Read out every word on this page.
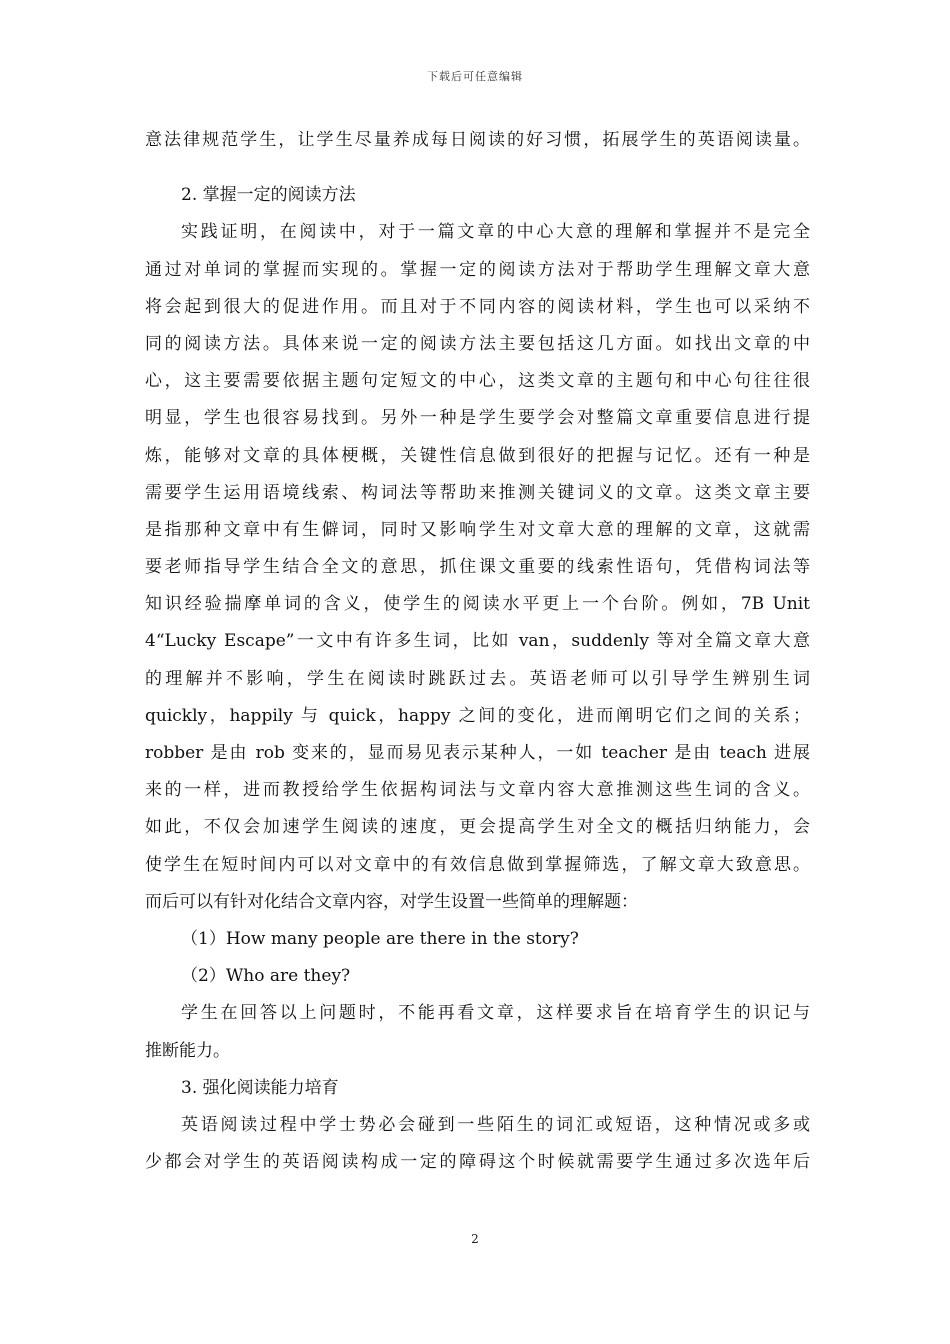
下载后可任意编辑
意法律规范学生，让学生尽量养成每日阅读的好习惯，拓展学生的英语阅读量。
2. 掌握一定的阅读方法
实践证明，在阅读中，对于一篇文章的中心大意的理解和掌握并不是完全
通过对单词的掌握而实现的。掌握一定的阅读方法对于帮助学生理解文章大意
将会起到很大的促进作用。而且对于不同内容的阅读材料，学生也可以采纳不
同的阅读方法。具体来说一定的阅读方法主要包括这几方面。如找出文章的中
心，这主要需要依据主题句定短文的中心，这类文章的主题句和中心句往往很
明显，学生也很容易找到。另外一种是学生要学会对整篇文章重要信息进行提
炼，能够对文章的具体梗概，关键性信息做到很好的把握与记忆。还有一种是
需要学生运用语境线索、构词法等帮助来推测关键词义的文章。这类文章主要
是指那种文章中有生僻词，同时又影响学生对文章大意的理解的文章，这就需
要老师指导学生结合全文的意思，抓住课文重要的线索性语句，凭借构词法等
知识经验揣摩单词的含义，使学生的阅读水平更上一个台阶。例如，7B Unit
4“Lucky Escape”一文中有许多生词，比如 van，suddenly 等对全篇文章大意
的理解并不影响，学生在阅读时跳跃过去。英语老师可以引导学生辨别生词
quickly，happily 与 quick，happy 之间的变化，进而阐明它们之间的关系；
robber 是由 rob 变来的，显而易见表示某种人，一如 teacher 是由 teach 进展
来的一样，进而教授给学生依据构词法与文章内容大意推测这些生词的含义。
如此，不仅会加速学生阅读的速度，更会提高学生对全文的概括归纳能力，会
使学生在短时间内可以对文章中的有效信息做到掌握筛选，了解文章大致意思。
而后可以有针对化结合文章内容，对学生设置一些简单的理解题：
（1）How many people are there in the story?
（2）Who are they?
学生在回答以上问题时，不能再看文章，这样要求旨在培育学生的识记与
推断能力。
3. 强化阅读能力培育
英语阅读过程中学士势必会碰到一些陌生的词汇或短语，这种情况或多或
少都会对学生的英语阅读构成一定的障碍这个时候就需要学生通过多次选年后
2
